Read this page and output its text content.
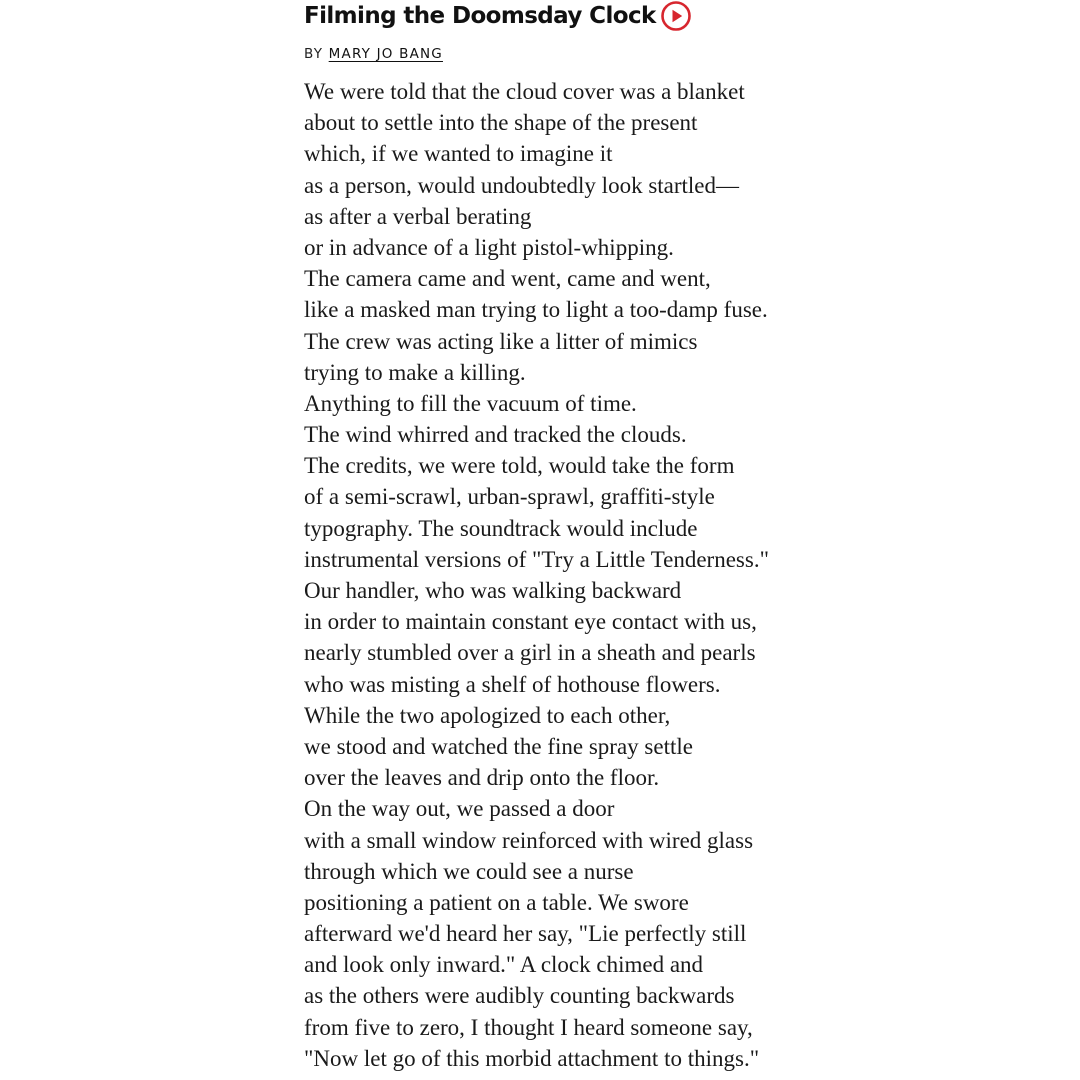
Filming the Doomsday Clock
BY MARY JO BANG
We were told that the cloud cover was a blanket
about to settle into the shape of the present
which, if we wanted to imagine it
as a person, would undoubtedly look startled—
as after a verbal berating
or in advance of a light pistol-whipping.
The camera came and went, came and went,
like a masked man trying to light a too-damp fuse.
The crew was acting like a litter of mimics
trying to make a killing.
Anything to fill the vacuum of time.
The wind whirred and tracked the clouds.
The credits, we were told, would take the form
of a semi-scrawl, urban-sprawl, graffiti-style
typography. The soundtrack would include
instrumental versions of "Try a Little Tenderness."
Our handler, who was walking backward
in order to maintain constant eye contact with us,
nearly stumbled over a girl in a sheath and pearls
who was misting a shelf of hothouse flowers.
While the two apologized to each other,
we stood and watched the fine spray settle
over the leaves and drip onto the floor.
On the way out, we passed a door
with a small window reinforced with wired glass
through which we could see a nurse
positioning a patient on a table. We swore
afterward we'd heard her say, "Lie perfectly still
and look only inward." A clock chimed and
as the others were audibly counting backwards
from five to zero, I thought I heard someone say,
"Now let go of this morbid attachment to things."
